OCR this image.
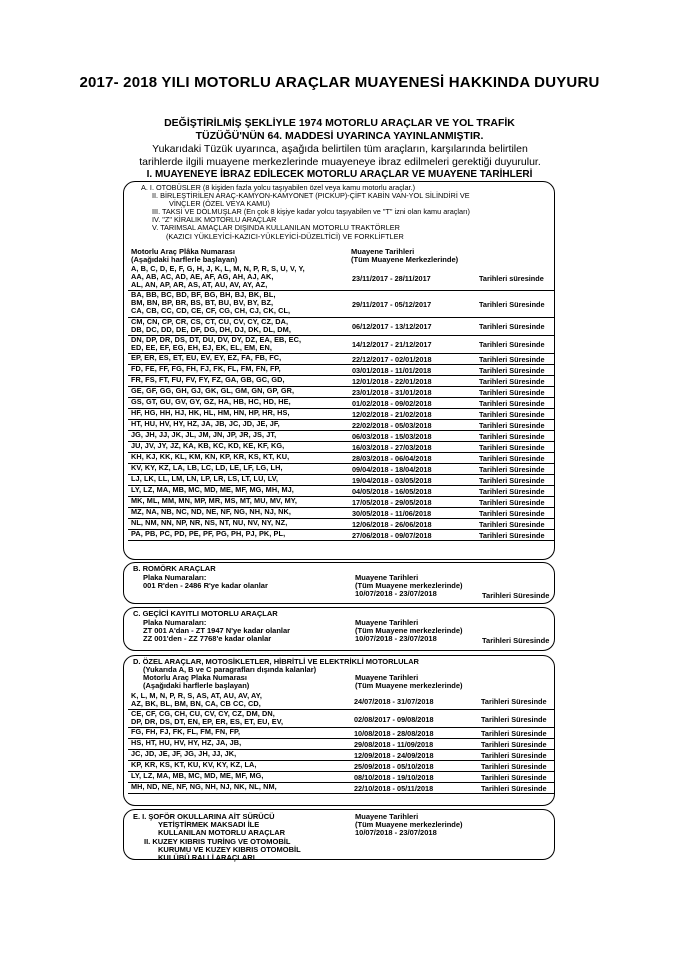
2017- 2018 YILI MOTORLU ARAÇLAR MUAYENESİ HAKKINDA DUYURU
DEĞİŞTİRİLMİŞ ŞEKLİYLE 1974 MOTORLU ARAÇLAR VE YOL TRAFİK
TÜZÜĞÜ'NÜN 64. MADDESİ UYARINCA YAYINLANMIŞTIR.
Yukarıdaki Tüzük uyarınca, aşağıda belirtilen tüm araçların, karşılarında belirtilen
tarihlerde ilgili muayene merkezlerinde muayeneye ibraz edilmeleri gerektiği duyurulur.
I. MUAYENEYE İBRAZ EDİLECEK MOTORLU ARAÇLAR VE MUAYENE TARİHLERİ
A. I. OTOBÜSLER (8 kişiden fazla yolcu taşıyabilen özel veya kamu motorlu araçlar.)
II. BİRLEŞTİRİLEN ARAÇ-KAMYON-KAMYONET (PICKUP)-ÇİFT KABİN VAN-YOL SİLİNDİRİ VE
VİNÇLER (ÖZEL VEYA KAMU)
III. TAKSİ VE DOLMUŞLAR (En çok 8 kişiye kadar yolcu taşıyabilen ve "T" izni olan kamu araçları)
IV. "Z" KİRALIK MOTORLU ARAÇLAR
V. TARIMSAL AMAÇLAR DIŞINDA KULLANILAN MOTORLU TRAKTÖRLER
(KAZICI YÜKLEYİCİ-KAZICI-YÜKLEYİCİ-DÜZELTİCİ) VE FORKLİFTLER
Motorlu Araç Plâka Numarası
(Aşağıdaki harflerle başlayan)
Muayene Tarihleri
(Tüm Muayene Merkezlerinde)
A, B, C, D, E, F, G, H, J, K, L, M, N, P, R, S, U, V, Y,
AA, AB, AC, AD, AE, AF, AG, AH, AJ, AK,
AL, AN, AP, AR, AS, AT, AU, AV, AY, AZ,
23/11/2017 - 28/11/2017	Tarihleri süresinde
BA, BB, BC, BD, BF, BG, BH, BJ, BK, BL,
BM, BN, BP, BR, BS, BT, BU, BV, BY, BZ,
CA, CB, CC, CD, CE, CF, CG, CH, CJ, CK, CL,
29/11/2017 - 05/12/2017	Tarihleri Süresinde
CM, CN, CP, CR, CS, CT, CU, CV, CY, CZ, DA,
DB, DC, DD, DE, DF, DG, DH, DJ, DK, DL, DM,	06/12/2017 - 13/12/2017	Tarihleri Süresinde
DN, DP, DR, DS, DT, DU, DV, DY, DZ, EA, EB, EC,
ED, EE, EF, EG, EH, EJ, EK, EL, EM, EN,	14/12/2017 - 21/12/2017	Tarihleri Süresinde
EP, ER, ES, ET, EU, EV, EY, EZ, FA, FB, FC,	22/12/2017 - 02/01/2018	Tarihleri Süresinde
FD, FE, FF, FG, FH, FJ, FK, FL, FM, FN, FP,	03/01/2018 - 11/01/2018	Tarihleri Süresinde
FR, FS, FT, FU, FV, FY, FZ, GA, GB, GC, GD,	12/01/2018 - 22/01/2018	Tarihleri Süresinde
GE, GF, GG, GH, GJ, GK, GL, GM, GN, GP, GR,	23/01/2018 - 31/01/2018	Tarihleri Süresinde
GS, GT, GU, GV, GY, GZ, HA, HB, HC, HD, HE,	01/02/2018 - 09/02/2018	Tarihleri Süresinde
HF, HG, HH, HJ, HK, HL, HM, HN, HP, HR, HS,	12/02/2018 - 21/02/2018	Tarihleri Süresinde
HT, HU, HV, HY, HZ, JA, JB, JC, JD, JE, JF,	22/02/2018 - 05/03/2018	Tarihleri Süresinde
JG, JH, JJ, JK, JL, JM, JN, JP, JR, JS, JT,	06/03/2018 - 15/03/2018	Tarihleri Süresinde
JU, JV, JY, JZ, KA, KB, KC, KD, KE, KF, KG,	16/03/2018 - 27/03/2018	Tarihleri Süresinde
KH, KJ, KK, KL, KM, KN, KP, KR, KS, KT, KU,	28/03/2018 - 06/04/2018	Tarihleri Süresinde
KV, KY, KZ, LA, LB, LC, LD, LE, LF, LG, LH,	09/04/2018 - 18/04/2018	Tarihleri Süresinde
LJ, LK, LL, LM, LN, LP, LR, LS, LT, LU, LV,	19/04/2018 - 03/05/2018	Tarihleri Süresinde
LY, LZ, MA, MB, MC, MD, ME, MF, MG, MH, MJ,	04/05/2018 - 16/05/2018	Tarihleri Süresinde
MK, ML, MM, MN, MP, MR, MS, MT, MU, MV, MY,	17/05/2018 - 29/05/2018	Tarihleri Süresinde
MZ, NA, NB, NC, ND, NE, NF, NG, NH, NJ, NK,	30/05/2018 - 11/06/2018	Tarihleri Süresinde
NL, NM, NN, NP, NR, NS, NT, NU, NV, NY, NZ,	12/06/2018 - 26/06/2018	Tarihleri Süresinde
PA, PB, PC, PD, PE, PF, PG, PH, PJ, PK, PL,	27/06/2018 - 09/07/2018	Tarihleri Süresinde
B. ROMÖRK ARAÇLAR
Plaka Numaraları:
001 R'den - 2486 R'ye kadar olanlar
Muayene Tarihleri
(Tüm Muayene merkezlerinde)
10/07/2018 - 23/07/2018	Tarihleri Süresinde
C. GEÇİCİ KAYITLI MOTORLU ARAÇLAR
Plaka Numaraları:
ZT 001 A'dan - ZT 1947 N'ye kadar olanlar
ZZ 001'den - ZZ 7768'e kadar olanlar
Muayene Tarihleri
(Tüm Muayene merkezlerinde)
10/07/2018 - 23/07/2018	Tarihleri Süresinde
D. ÖZEL ARAÇLAR, MOTOSİKLETLER, HİBRİTLİ VE ELEKTRİKLİ MOTORLULAR
(Yukarıda A, B ve C paragrafları dışında kalanlar)
Motorlu Araç Plaka Numarası
(Aşağıdaki harflerle başlayan)
Muayene Tarihleri
(Tüm Muayene merkezlerinde)
K, L, M, N, P, R, S, AS, AT, AU, AV, AY,
AZ, BK, BL, BM, BN, CA, CB CC, CD,	24/07/2018 - 31/07/2018	Tarihleri Süresinde
CE, CF, CG, CH, CU, CV, CY, CZ, DM, DN,
DP, DR, DS, DT, EN, EP, ER, ES, ET, EU, EV,	02/08/2017 - 09/08/2018	Tarihleri Süresinde
FG, FH, FJ, FK, FL, FM, FN, FP,	10/08/2018 - 28/08/2018	Tarihleri Süresinde
HS, HT, HU, HV, HY, HZ, JA, JB,	29/08/2018 - 11/09/2018	Tarihleri Süresinde
JC, JD, JE, JF, JG, JH, JJ, JK,	12/09/2018 - 24/09/2018	Tarihleri Süresinde
KP, KR, KS, KT, KU, KV, KY, KZ, LA,	25/09/2018 - 05/10/2018	Tarihleri Süresinde
LY, LZ, MA, MB, MC, MD, ME, MF, MG,	08/10/2018 - 19/10/2018	Tarihleri Süresinde
MH, ND, NE, NF, NG, NH, NJ, NK, NL, NM,	22/10/2018 - 05/11/2018	Tarihleri Süresinde
E. I. ŞOFÖR OKULLARINA AİT SÜRÜCÜ
YETİŞTİRMEK MAKSADI İLE
KULLANILAN MOTORLU ARAÇLAR
II. KUZEY KIBRIS TURİNG VE OTOMOBİL
KURUMU VE KUZEY KIBRIS OTOMOBİL
KULÜBÜ RALLİ ARAÇLARI
Muayene Tarihleri
(Tüm Muayene merkezlerinde)
10/07/2018 - 23/07/2018
